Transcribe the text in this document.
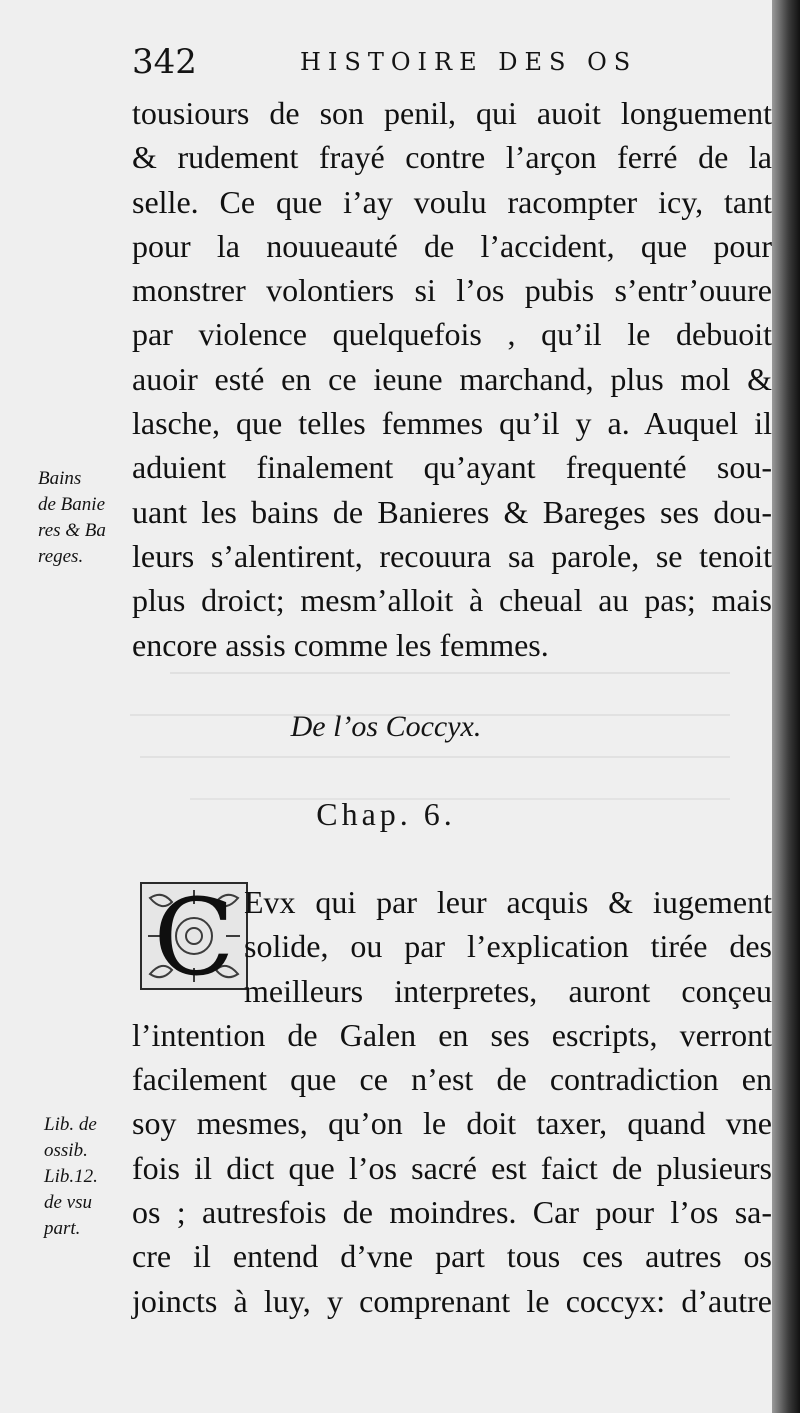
342	HISTOIRE DES OS
tousiours de son penil, qui auoit longuement
& rudement frayé contre l’arçon ferré de la
selle. Ce que i’ay voulu racompter icy, tant
pour la nouueauté de l’accident, que pour
monstrer volontiers si l’os pubis s’entr’ouure
par violence quelquefois , qu’il le debuoit
auoir esté en ce ieune marchand, plus mol &
lasche, que telles femmes qu’il y a. Auquel il
aduient finalement qu’ayant frequenté sou-
uant les bains de Banieres & Bareges ses dou-
leurs s’alentirent, recouura sa parole, se tenoit
plus droict; mesm’alloit à cheual au pas; mais
encore assis comme les femmes.
Bains
de Banie
res & Ba
reges.
De l’os Coccyx.
Chap. 6.
C Evx qui par leur acquis & iugement
solide, ou par l’explication tirée des
meilleurs interpretes, auront conçeu
l’intention de Galen en ses escripts, verront
facilement que ce n’est de contradiction en
soy mesmes, qu’on le doit taxer, quand vne
fois il dict que l’os sacré est faict de plusieurs
os ; autresfois de moindres. Car pour l’os sa-
cre il entend d’vne part tous ces autres os
joincts à luy, y comprenant le coccyx: d’autre
Lib. de
ossib.
Lib.12.
de vsu
part.
